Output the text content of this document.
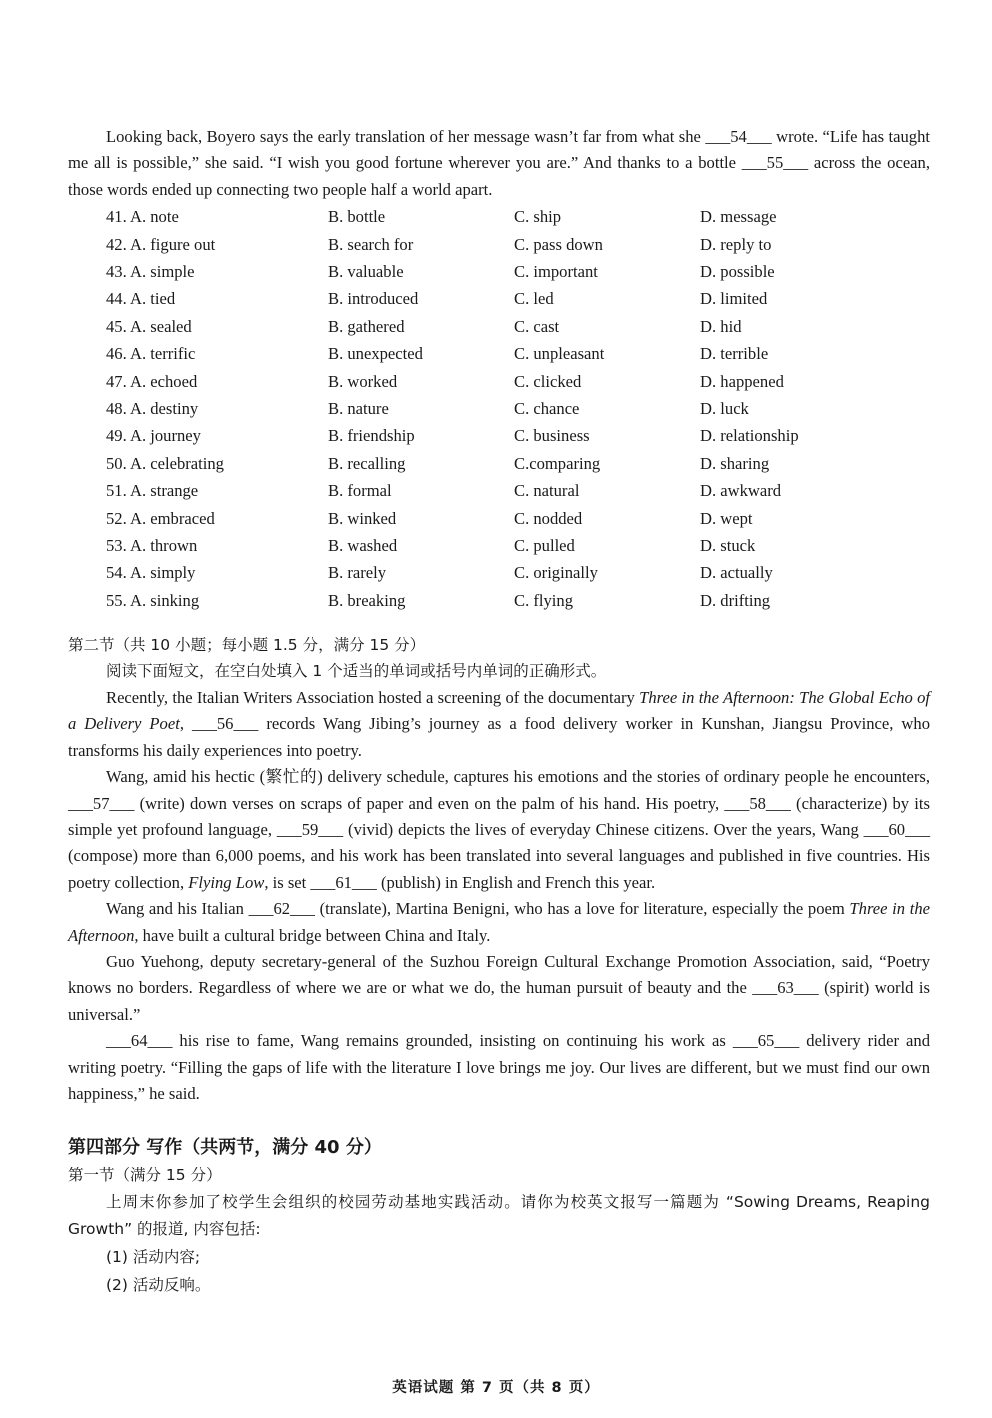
Looking back, Boyero says the early translation of her message wasn’t far from what she ___54___ wrote. “Life has taught me all is possible,” she said. “I wish you good fortune wherever you are.” And thanks to a bottle ___55___ across the ocean, those words ended up connecting two people half a world apart.

41. A. note	B. bottle	C. ship	D. message
42. A. figure out	B. search for	C. pass down	D. reply to
43. A. simple	B. valuable	C. important	D. possible
44. A. tied	B. introduced	C. led	D. limited
45. A. sealed	B. gathered	C. cast	D. hid
46. A. terrific	B. unexpected	C. unpleasant	D. terrible
47. A. echoed	B. worked	C. clicked	D. happened
48. A. destiny	B. nature	C. chance	D. luck
49. A. journey	B. friendship	C. business	D. relationship
50. A. celebrating	B. recalling	C.comparing	D. sharing
51. A. strange	B. formal	C. natural	D. awkward
52. A. embraced	B. winked	C. nodded	D. wept
53. A. thrown	B. washed	C. pulled	D. stuck
54. A. simply	B. rarely	C. originally	D. actually
55. A. sinking	B. breaking	C. flying	D. drifting
第二节（共 10 小题；每小题 1.5 分，满分 15 分）
阅读下面短文，在空白处填入 1 个适当的单词或括号内单词的正确形式。

Recently, the Italian Writers Association hosted a screening of the documentary Three in the Afternoon: The Global Echo of a Delivery Poet, ___56___ records Wang Jibing’s journey as a food delivery worker in Kunshan, Jiangsu Province, who transforms his daily experiences into poetry.

Wang, amid his hectic (繁忙的) delivery schedule, captures his emotions and the stories of ordinary people he encounters, ___57___ (write) down verses on scraps of paper and even on the palm of his hand. His poetry, ___58___ (characterize) by its simple yet profound language, ___59___ (vivid) depicts the lives of everyday Chinese citizens. Over the years, Wang ___60___ (compose) more than 6,000 poems, and his work has been translated into several languages and published in five countries. His poetry collection, Flying Low, is set ___61___ (publish) in English and French this year.

Wang and his Italian ___62___ (translate), Martina Benigni, who has a love for literature, especially the poem Three in the Afternoon, have built a cultural bridge between China and Italy.

Guo Yuehong, deputy secretary-general of the Suzhou Foreign Cultural Exchange Promotion Association, said, “Poetry knows no borders. Regardless of where we are or what we do, the human pursuit of beauty and the ___63___ (spirit) world is universal.”

___64___ his rise to fame, Wang remains grounded, insisting on continuing his work as ___65___ delivery rider and writing poetry. “Filling the gaps of life with the literature I love brings me joy. Our lives are different, but we must find our own happiness,” he said.

第四部分 写作（共两节，满分 40 分）
第一节（满分 15 分）

上周末你参加了校学生会组织的校园劳动基地实践活动。请你为校英文报写一篇题为 “Sowing Dreams, Reaping Growth” 的报道, 内容包括:

(1) 活动内容;
(2) 活动反响。
英语试题 第 7 页（共 8 页）
